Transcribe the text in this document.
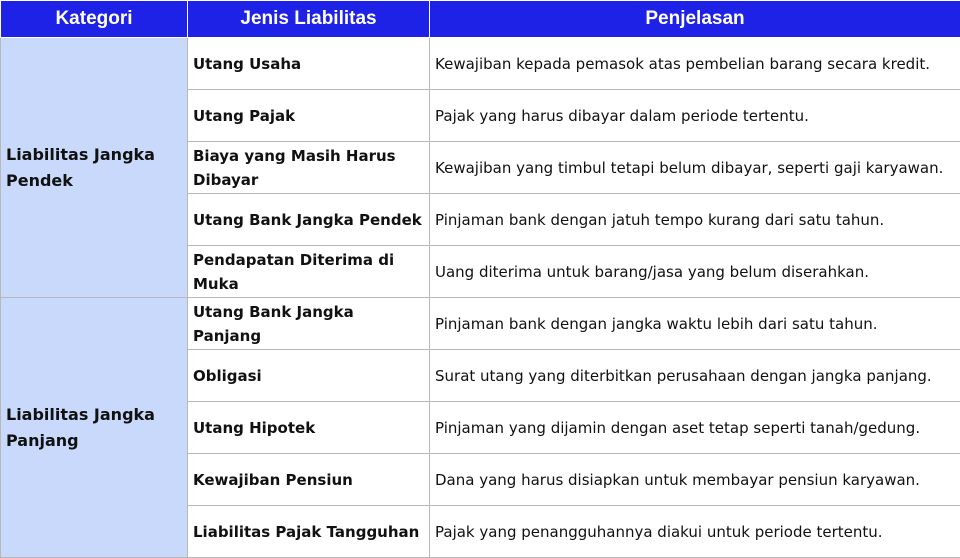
Kategori	Jenis Liabilitas	Penjelasan
Liabilitas Jangka Pendek	Utang Usaha	Kewajiban kepada pemasok atas pembelian barang secara kredit.
	Utang Pajak	Pajak yang harus dibayar dalam periode tertentu.
	Biaya yang Masih Harus Dibayar	Kewajiban yang timbul tetapi belum dibayar, seperti gaji karyawan.
	Utang Bank Jangka Pendek	Pinjaman bank dengan jatuh tempo kurang dari satu tahun.
	Pendapatan Diterima di Muka	Uang diterima untuk barang/jasa yang belum diserahkan.
Liabilitas Jangka Panjang	Utang Bank Jangka Panjang	Pinjaman bank dengan jangka waktu lebih dari satu tahun.
	Obligasi	Surat utang yang diterbitkan perusahaan dengan jangka panjang.
	Utang Hipotek	Pinjaman yang dijamin dengan aset tetap seperti tanah/gedung.
	Kewajiban Pensiun	Dana yang harus disiapkan untuk membayar pensiun karyawan.
	Liabilitas Pajak Tangguhan	Pajak yang penangguhannya diakui untuk periode tertentu.
